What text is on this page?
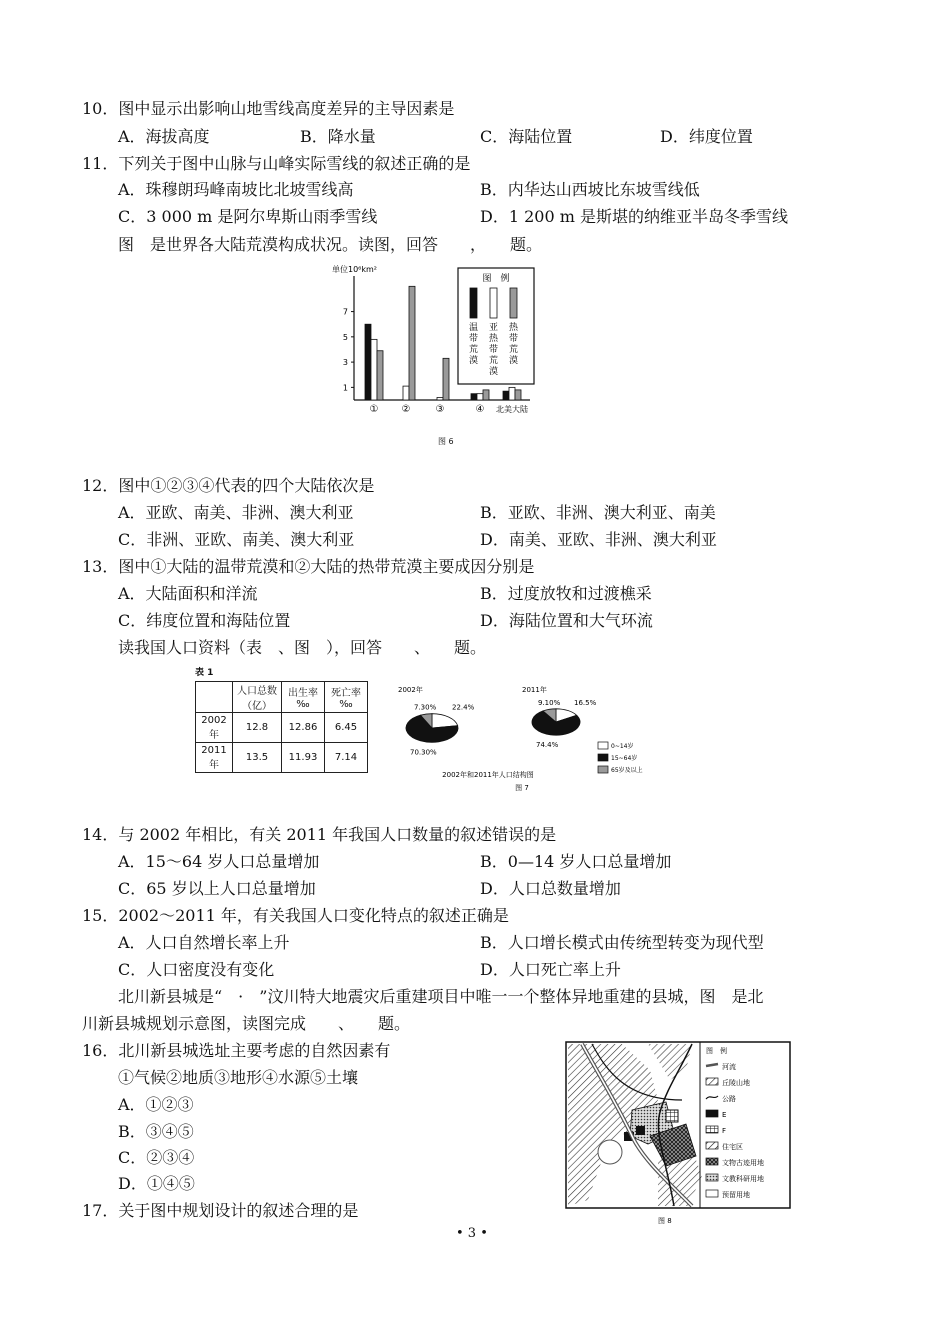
10．图中显示出影响山地雪线高度差异的主导因素是
A．海拔高度	B．降水量	C．海陆位置	D．纬度位置
11．下列关于图中山脉与山峰实际雪线的叙述正确的是
A．珠穆朗玛峰南坡比北坡雪线高	B．内华达山西坡比东坡雪线低
C．3 000 m 是阿尔卑斯山雨季雪线	D．1 200 m 是斯堪的纳维亚半岛冬季雪线
图　是世界各大陆荒漠构成状况。读图，回答　　，　　题。
单位10⁶km²
① ②	③	④ 北美大陆
1
3
5
7
图　例
温
带
荒
漠
亚
热
带
荒
漠
热
带
荒
漠
图 6
12．图中①②③④代表的四个大陆依次是
A．亚欧、南美、非洲、澳大利亚	B．亚欧、非洲、澳大利亚、南美
C．非洲、亚欧、南美、澳大利亚	D．南美、亚欧、非洲、澳大利亚
13．图中①大陆的温带荒漠和②大陆的热带荒漠主要成因分别是
A．大陆面积和洋流	B．过度放牧和过渡樵采
C．纬度位置和海陆位置	D．海陆位置和大气环流
读我国人口资料（表　、图　），回答　　、　　题。
表 1
	人口总数（亿）	出生率 ‰	死亡率 ‰
2002 年	12.8	12.86	6.45
2011 年	13.5	11.93	7.14
2002年
22.4%
70.30%
7.30%
2011年
16.5%
74.4%
9.10%
2002年和2011年人口结构图
图 7
0~14岁
15~64岁
65岁及以上
14．与 2002 年相比，有关 2011 年我国人口数量的叙述错误的是
A．15～64 岁人口总量增加	B．0—14 岁人口总量增加
C．65 岁以上人口总量增加	D．人口总数量增加
15．2002～2011 年，有关我国人口变化特点的叙述正确是
A．人口自然增长率上升	B．人口增长模式由传统型转变为现代型
C．人口密度没有变化	D．人口死亡率上升
北川新县城是“　·　”汶川特大地震灾后重建项目中唯一一个整体异地重建的县城，图　是北
川新县城规划示意图，读图完成　　、　　题。
16．北川新县城选址主要考虑的自然因素有
①气候②地质③地形④水源⑤土壤
A．①②③
B．③④⑤
C．②③④
D．①④⑤
17．关于图中规划设计的叙述合理的是
图　例
河流
丘陵山地
公路
E
F
住宅区
文物古迹用地
文教科研用地
预留用地
图 8
• 3 •
